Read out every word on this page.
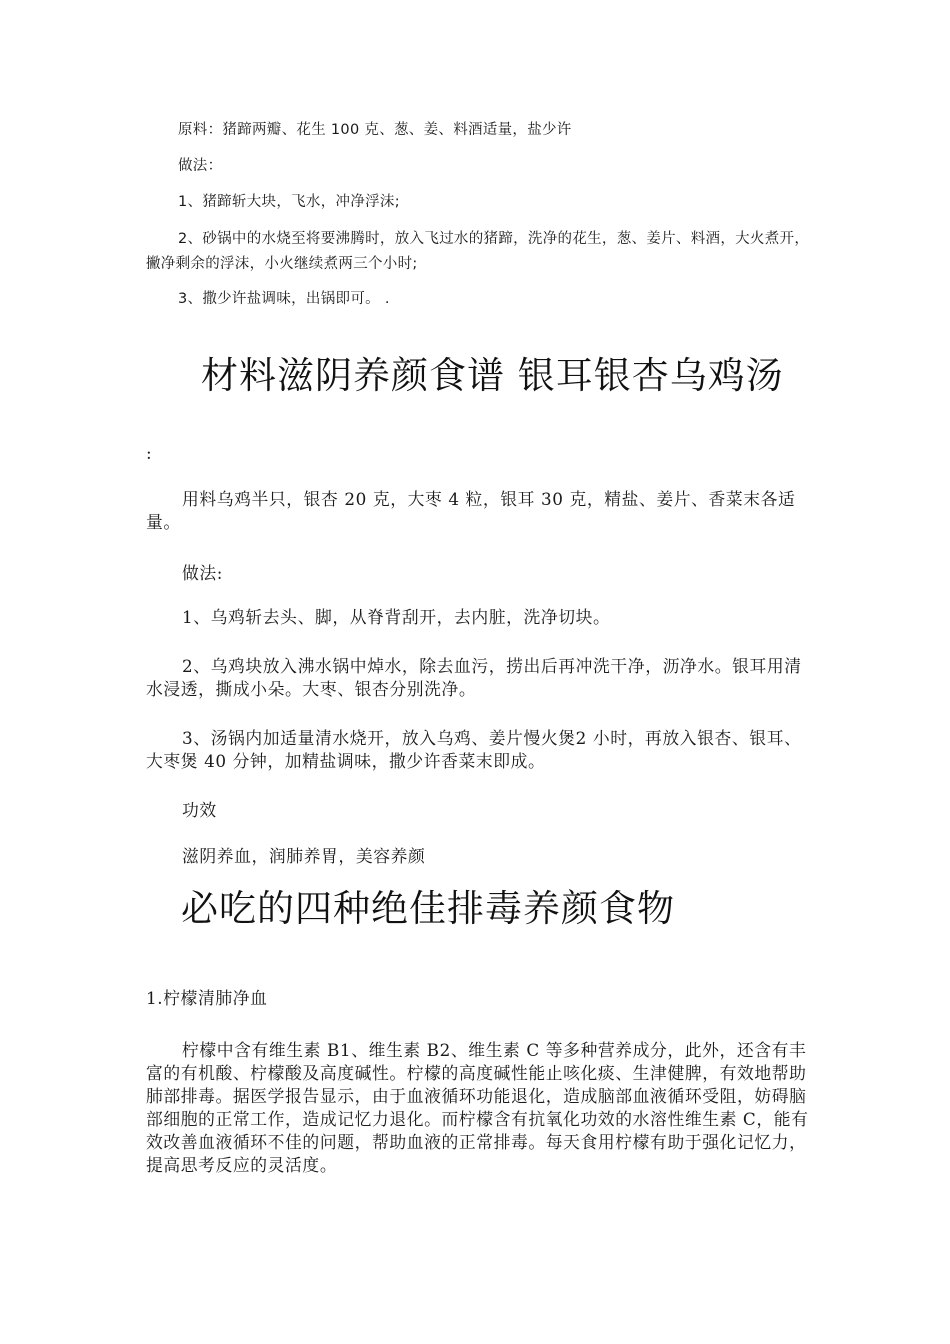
原料：猪蹄两瓣、花生 100 克、葱、姜、料酒适量，盐少许

做法：

1、猪蹄斩大块，飞水，冲净浮沫;

2、砂锅中的水烧至将要沸腾时，放入飞过水的猪蹄，洗净的花生，葱、姜片、料酒，大火煮开，撇净剩余的浮沫，小火继续煮两三个小时;

3、撒少许盐调味，出锅即可。 .

材料滋阴养颜食谱 银耳银杏乌鸡汤

:

用料乌鸡半只，银杏 20 克，大枣 4 粒，银耳 30 克，精盐、姜片、香菜末各适量。

做法:

1、乌鸡斩去头、脚，从脊背刮开，去内脏，洗净切块。

2、乌鸡块放入沸水锅中焯水，除去血污，捞出后再冲洗干净，沥净水。银耳用清水浸透，撕成小朵。大枣、银杏分别洗净。

3、汤锅内加适量清水烧开，放入乌鸡、姜片慢火煲2 小时，再放入银杏、银耳、大枣煲 40 分钟，加精盐调味，撒少许香菜末即成。

功效

滋阴养血，润肺养胃，美容养颜

必吃的四种绝佳排毒养颜食物

1.柠檬清肺净血

柠檬中含有维生素 B1、维生素 B2、维生素 C 等多种营养成分，此外，还含有丰富的有机酸、柠檬酸及高度碱性。柠檬的高度碱性能止咳化痰、生津健脾，有效地帮助肺部排毒。据医学报告显示，由于血液循环功能退化，造成脑部血液循环受阻，妨碍脑部细胞的正常工作，造成记忆力退化。而柠檬含有抗氧化功效的水溶性维生素 C，能有效改善血液循环不佳的问题，帮助血液的正常排毒。每天食用柠檬有助于强化记忆力，提高思考反应的灵活度。
